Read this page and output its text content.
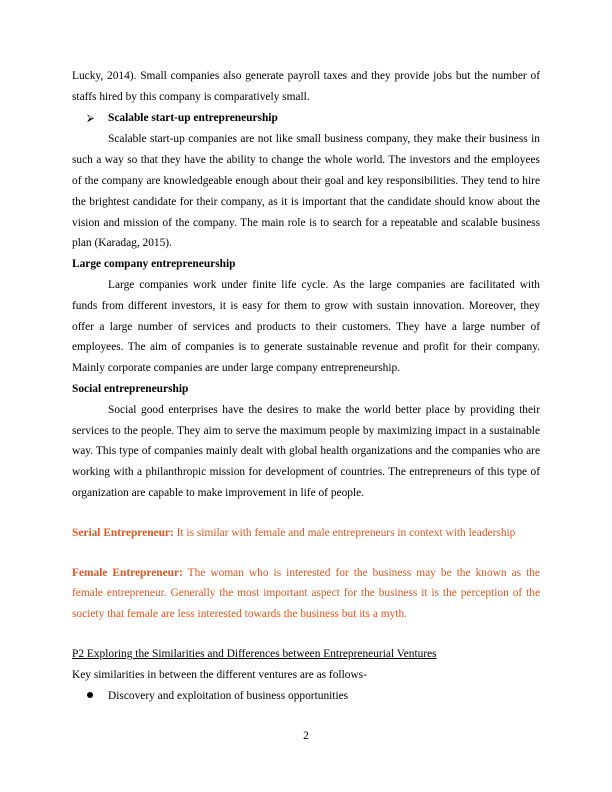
Lucky, 2014). Small companies also generate payroll taxes and they provide jobs but the number of staffs hired by this company is comparatively small.

⮚	Scalable start-up entrepreneurship

Scalable start-up companies are not like small business company, they make their business in such a way so that they have the ability to change the whole world. The investors and the employees of the company are knowledgeable enough about their goal and key responsibilities. They tend to hire the brightest candidate for their company, as it is important that the candidate should know about the vision and mission of the company. The main role is to search for a repeatable and scalable business plan (Karadag, 2015).

Large company entrepreneurship

Large companies work under finite life cycle. As the large companies are facilitated with funds from different investors, it is easy for them to grow with sustain innovation. Moreover, they offer a large number of services and products to their customers. They have a large number of employees. The aim of companies is to generate sustainable revenue and profit for their company. Mainly corporate companies are under large company entrepreneurship.

Social entrepreneurship

Social good enterprises have the desires to make the world better place by providing their services to the people. They aim to serve the maximum people by maximizing impact in a sustainable way. This type of companies mainly dealt with global health organizations and the companies who are working with a philanthropic mission for development of countries. The entrepreneurs of this type of organization are capable to make improvement in life of people.

Serial Entrepreneur: It is similar with female and male entrepreneurs in context with leadership

Female Entrepreneur: The woman who is interested for the business may be the known as the female entrepreneur. Generally the most important aspect for the business it is the perception of the society that female are less interested towards the business but its a myth.

P2 Exploring the Similarities and Differences between Entrepreneurial Ventures

Key similarities in between the different ventures are as follows-

Discovery and exploitation of business opportunities
2
